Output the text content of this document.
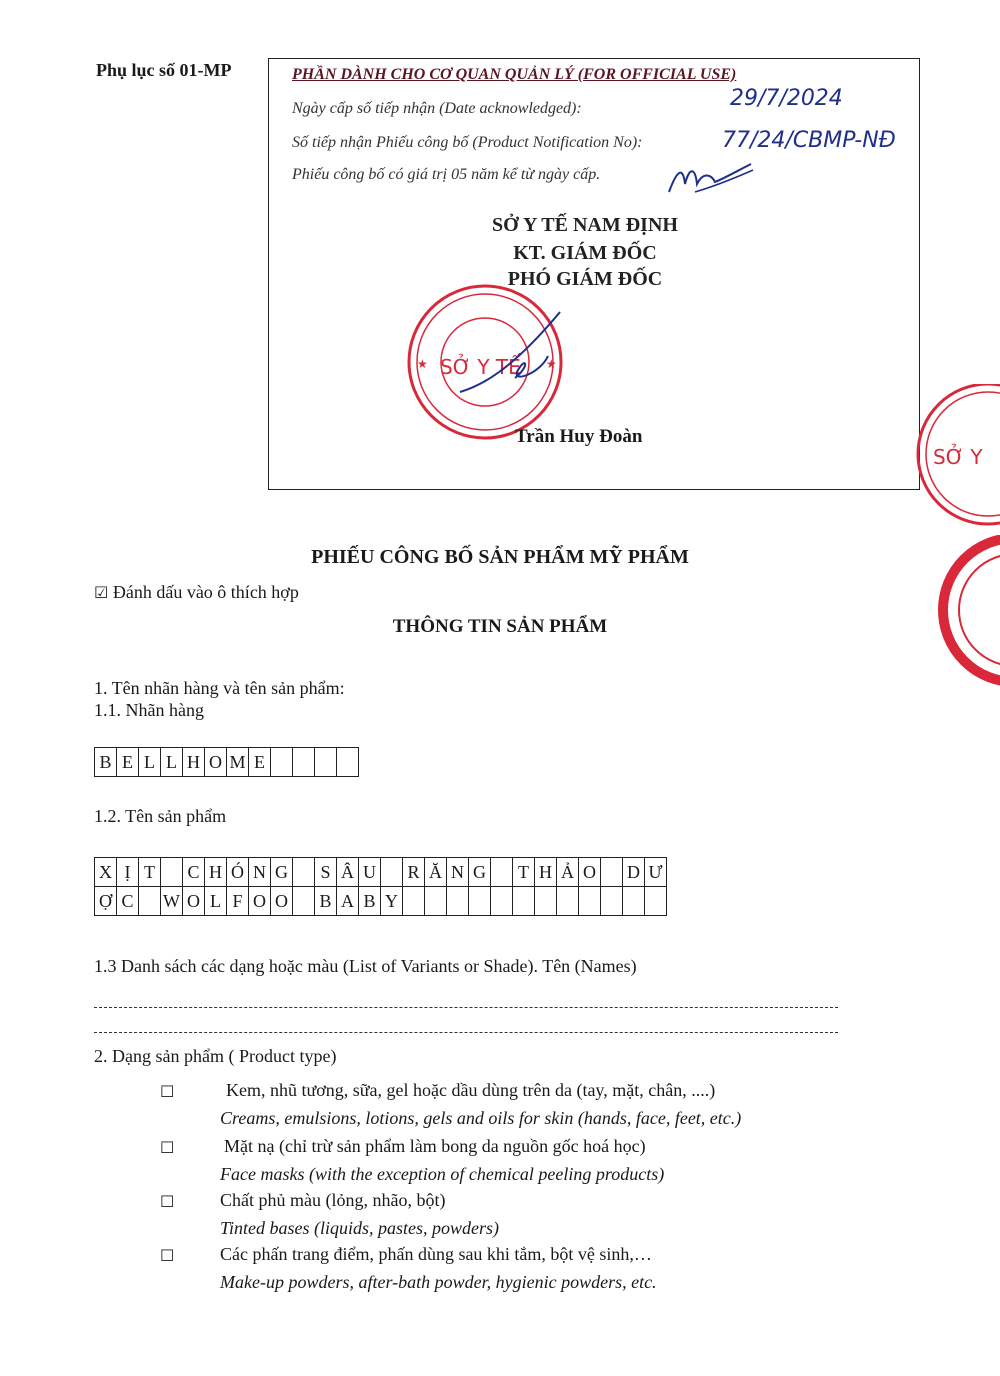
Phụ lục số 01-MP	PHẦN DÀNH CHO CƠ QUAN QUẢN LÝ (FOR OFFICIAL USE)
Ngày cấp số tiếp nhận (Date acknowledged):	29/7/2024
Số tiếp nhận Phiếu công bố (Product Notification No):	77/24/CBMP-NĐ
Phiếu công bố có giá trị 05 năm kể từ ngày cấp.
SỞ Y TẾ NAM ĐỊNH
KT. GIÁM ĐỐC
PHÓ GIÁM ĐỐC
SỞ Y TẾ
★	★
Trần Huy Đoàn
SỞ Y
PHIẾU CÔNG BỐ SẢN PHẨM MỸ PHẨM
☑ Đánh dấu vào ô thích hợp
THÔNG TIN SẢN PHẨM
1. Tên nhãn hàng và tên sản phẩm:
1.1. Nhãn hàng
B	E	L	L	H	O	M	E				
1.2. Tên sản phẩm
X	Ị	T		C	H	Ó	N	G		S	Â	U		R	Ă	N	G		T	H	Ả	O		D	Ư
Ợ	C		W	O	L	F	O	O		B	A	B	Y												
1.3 Danh sách các dạng hoặc màu (List of Variants or Shade). Tên (Names)
2. Dạng sản phẩm ( Product type)
☐	Kem, nhũ tương, sữa, gel hoặc dầu dùng trên da (tay, mặt, chân, ....)
Creams, emulsions, lotions, gels and oils for skin (hands, face, feet, etc.)
☐	Mặt nạ (chỉ trừ sản phẩm làm bong da nguồn gốc hoá học)
Face masks (with the exception of chemical peeling products)
☐	Chất phủ màu (lỏng, nhão, bột)
Tinted bases (liquids, pastes, powders)
☐	Các phấn trang điểm, phấn dùng sau khi tắm, bột vệ sinh,…
Make-up powders, after-bath powder, hygienic powders, etc.
